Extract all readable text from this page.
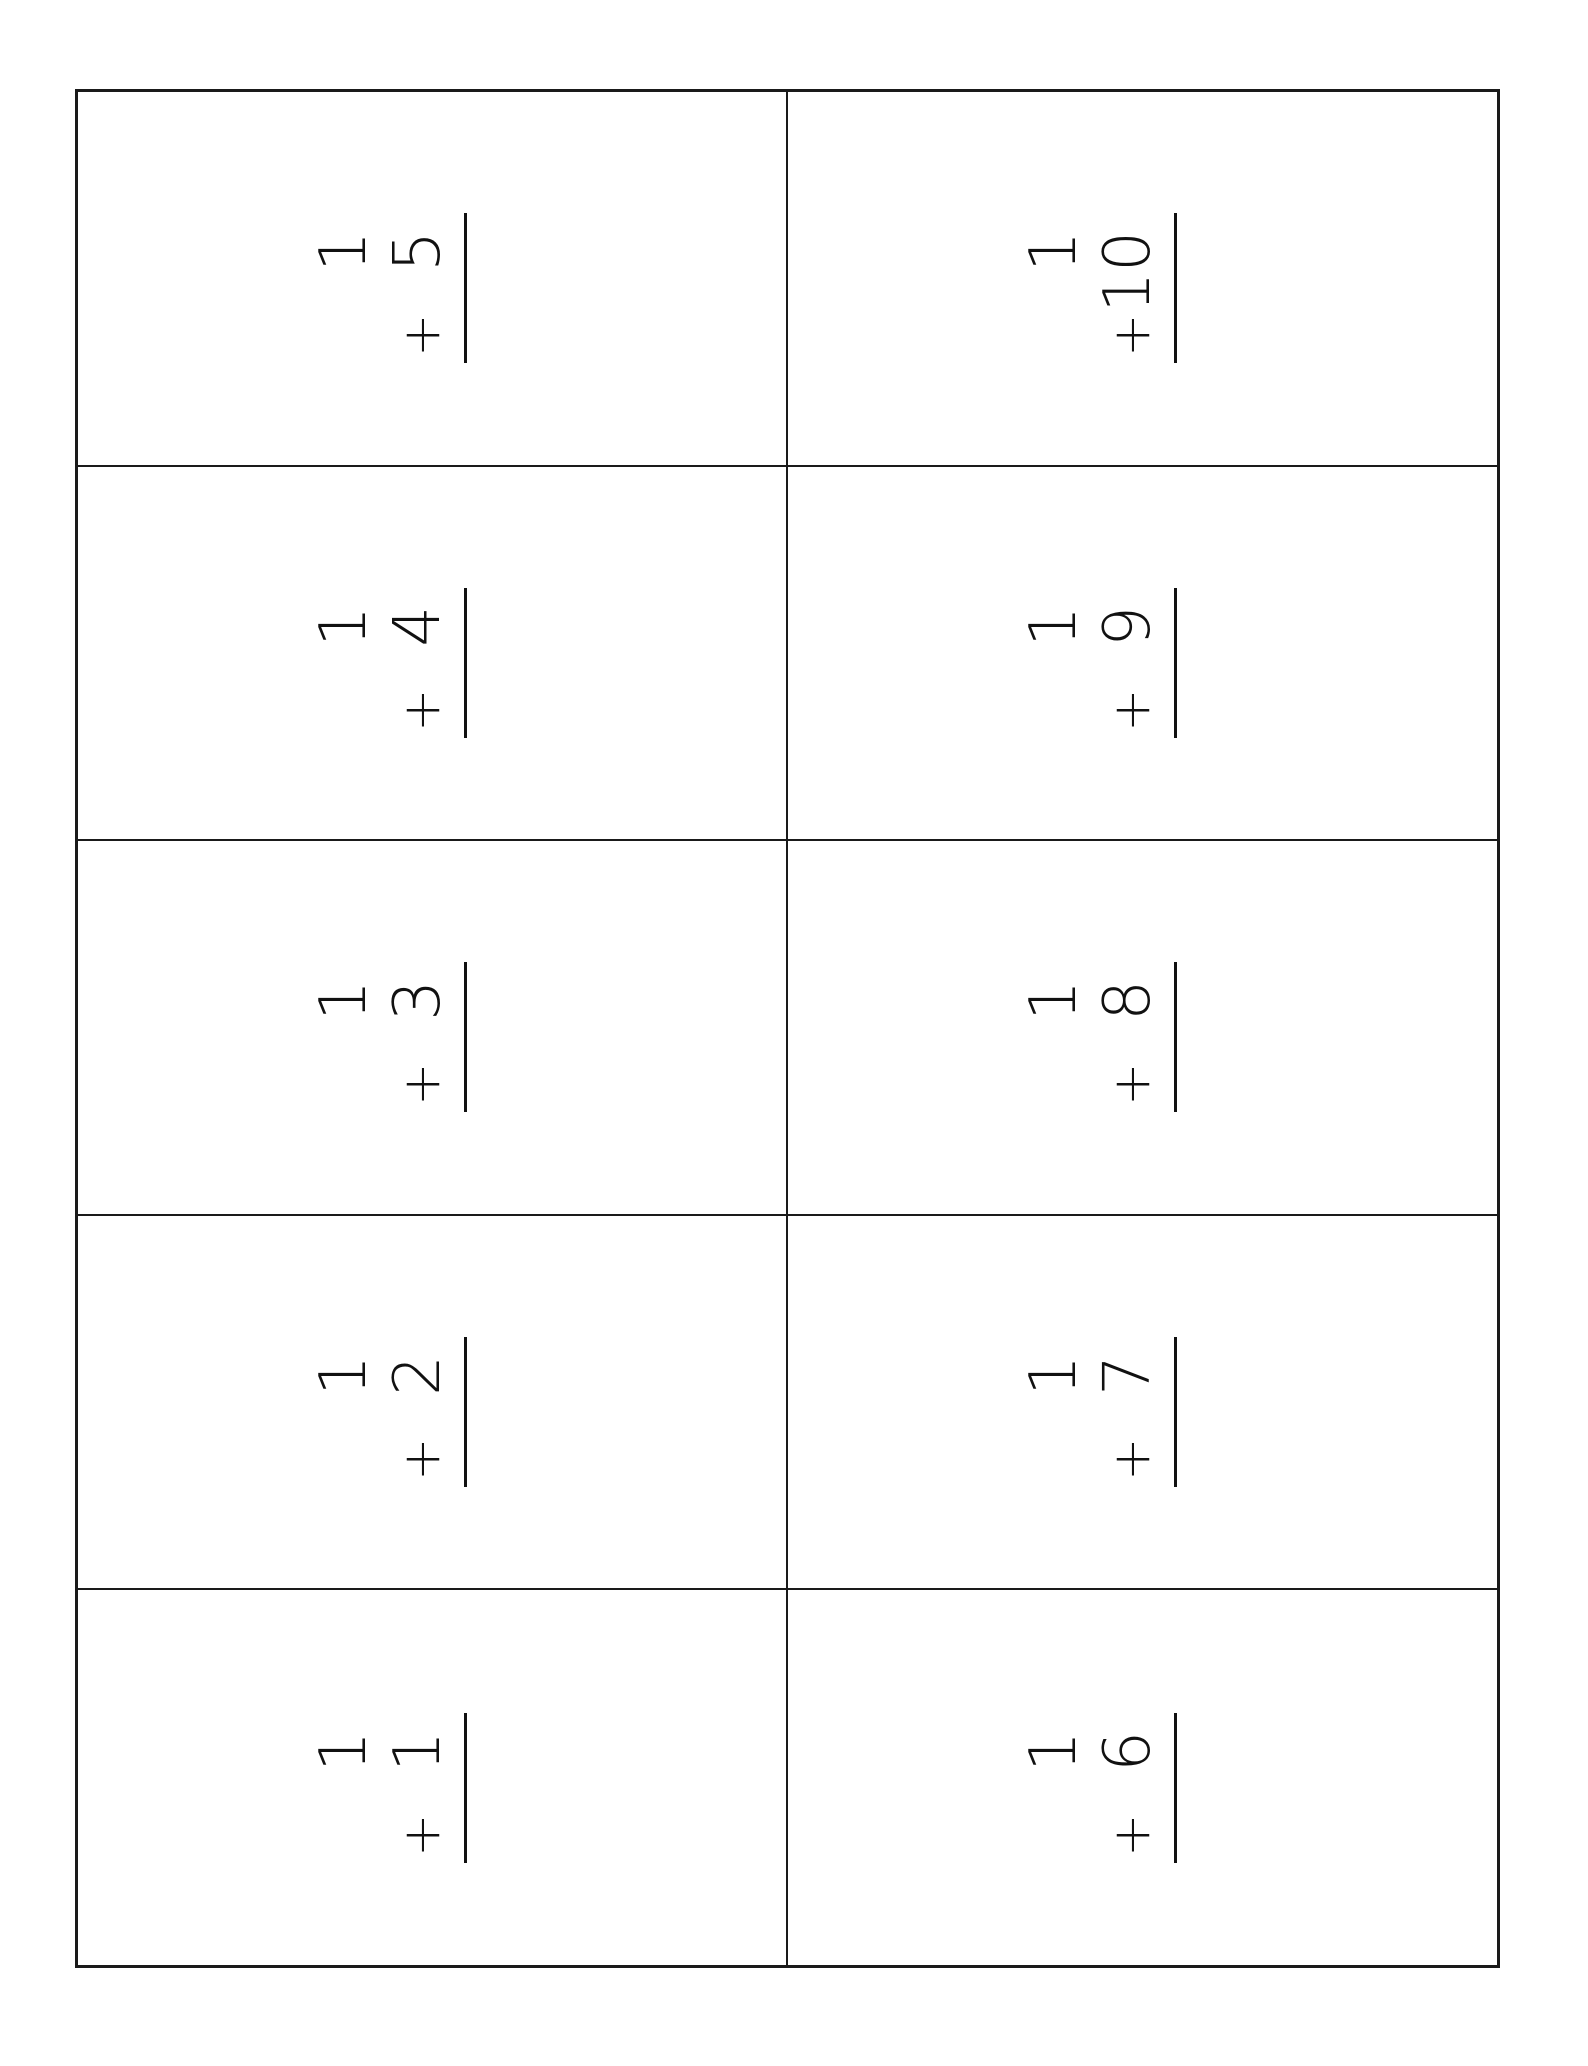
1
+
5	1
+
10
1
+
4	1
+
9
1
+
3	1
+
8
1
+
2	1
+
7
1
+
1	1
+
6
